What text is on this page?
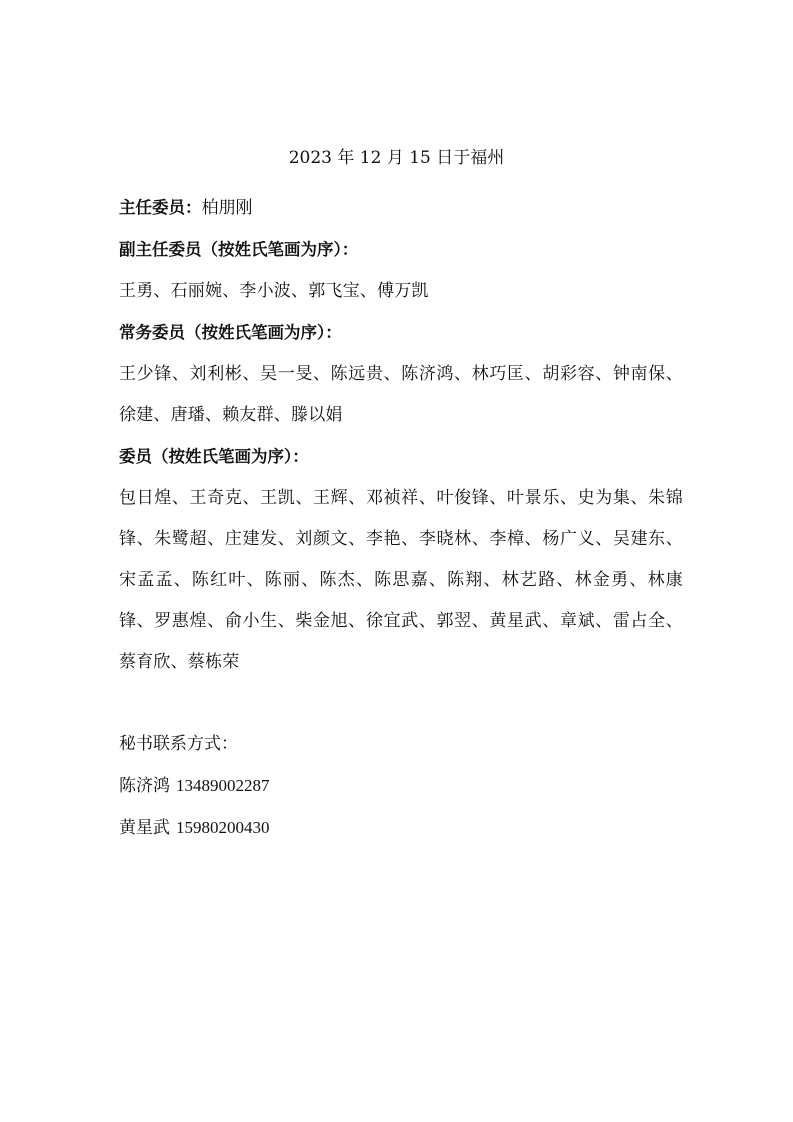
2023 年 12 月 15 日于福州

主任委员：柏朋刚

副主任委员（按姓氏笔画为序）：

王勇、石丽婉、李小波、郭飞宝、傅万凯

常务委员（按姓氏笔画为序）：

王少锋、刘利彬、吴一旻、陈远贵、陈济鸿、林巧匡、胡彩容、钟南保、徐建、唐璠、赖友群、滕以娟

委员（按姓氏笔画为序）：

包日煌、王奇克、王凯、王辉、邓祯祥、叶俊锋、叶景乐、史为集、朱锦锋、朱鹭超、庄建发、刘颜文、李艳、李晓林、李樟、杨广义、吴建东、宋孟孟、陈红叶、陈丽、陈杰、陈思嘉、陈翔、林艺路、林金勇、林康锋、罗惠煌、俞小生、柴金旭、徐宜武、郭翌、黄星武、章斌、雷占全、蔡育欣、蔡栋荣

秘书联系方式：

陈济鸿 13489002287

黄星武 15980200430
